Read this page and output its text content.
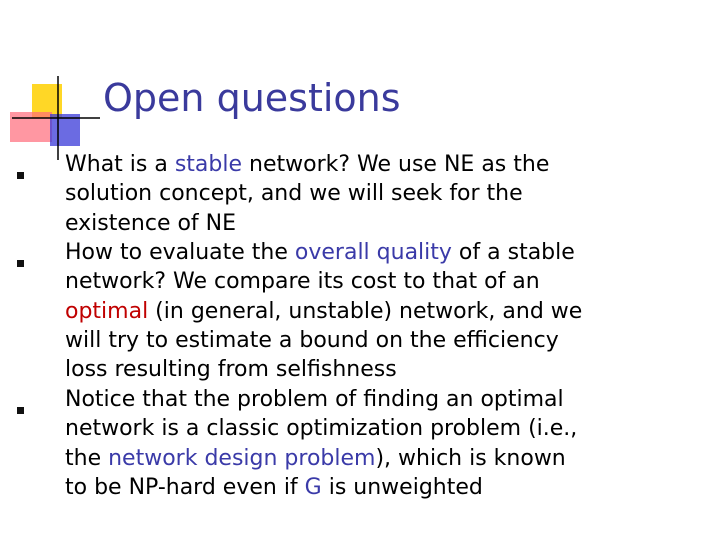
Open questions
What is a stable network? We use NE as the
solution concept, and we will seek for the
existence of NE
How to evaluate the overall quality of a stable
network? We compare its cost to that of an
optimal (in general, unstable) network, and we
will try to estimate a bound on the efficiency
loss resulting from selfishness
Notice that the problem of finding an optimal
network is a classic optimization problem (i.e.,
the network design problem), which is known
to be NP-hard even if G is unweighted
